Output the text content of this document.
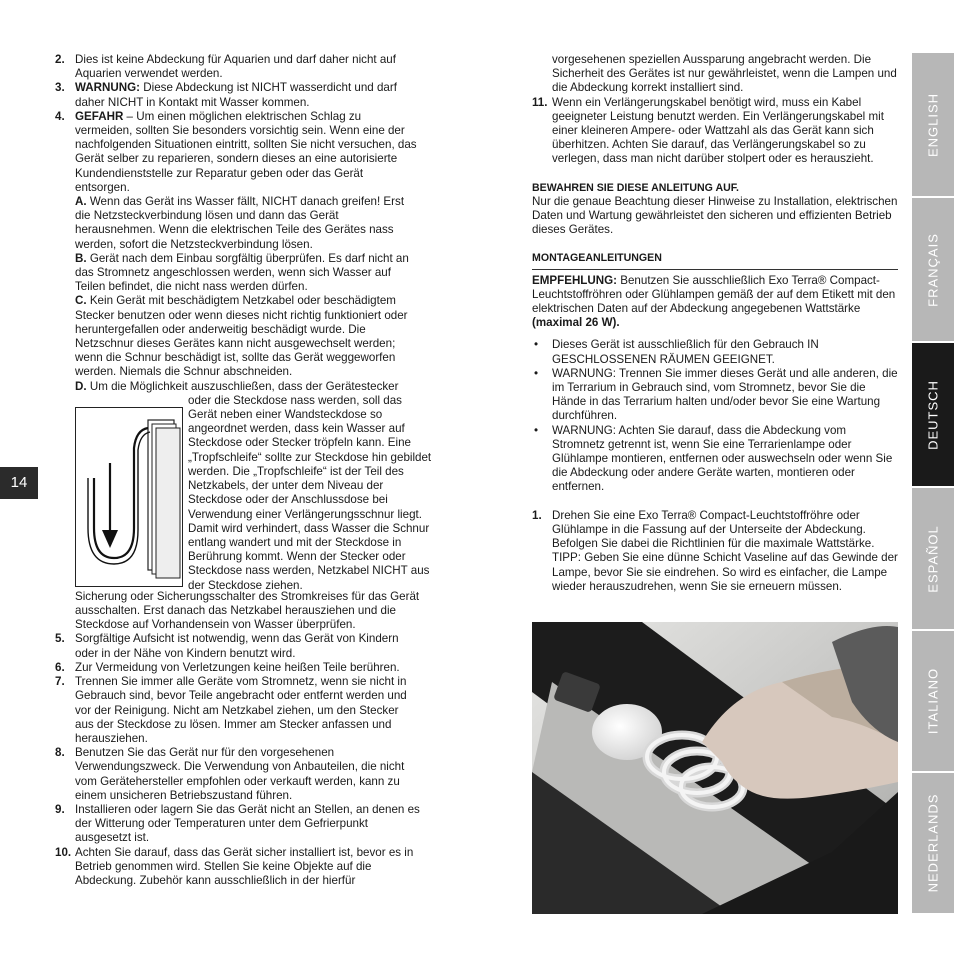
2. Dies ist keine Abdeckung für Aquarien und darf daher nicht auf Aquarien verwendet werden.
3. WARNUNG: Diese Abdeckung ist NICHT wasserdicht und darf daher NICHT in Kontakt mit Wasser kommen.
4. GEFAHR – Um einen möglichen elektrischen Schlag zu vermeiden, sollten Sie besonders vorsichtig sein. Wenn eine der nachfolgenden Situationen eintritt, sollten Sie nicht versuchen, das Gerät selber zu reparieren, sondern dieses an eine autorisierte Kundendienststelle zur Reparatur geben oder das Gerät entsorgen.
A. Wenn das Gerät ins Wasser fällt, NICHT danach greifen! Erst die Netzsteckverbindung lösen und dann das Gerät herausnehmen. Wenn die elektrischen Teile des Gerätes nass werden, sofort die Netzsteckverbindung lösen.
B. Gerät nach dem Einbau sorgfältig überprüfen. Es darf nicht an das Stromnetz angeschlossen werden, wenn sich Wasser auf Teilen befindet, die nicht nass werden dürfen.
C. Kein Gerät mit beschädigtem Netzkabel oder beschädigtem Stecker benutzen oder wenn dieses nicht richtig funktioniert oder heruntergefallen oder anderweitig beschädigt wurde. Die Netzschnur dieses Gerätes kann nicht ausgewechselt werden; wenn die Schnur beschädigt ist, sollte das Gerät weggeworfen werden. Niemals die Schnur abschneiden.
D. Um die Möglichkeit auszuschließen, dass der Gerätestecker
oder die Steckdose nass werden, soll das Gerät neben einer Wandsteckdose so angeordnet werden, dass kein Wasser auf Steckdose oder Stecker tröpfeln kann. Eine „Tropfschleife“ sollte zur Steckdose hin gebildet werden. Die „Tropfschleife“ ist der Teil des Netzkabels, der unter dem Niveau der Steckdose oder der Anschlussdose bei Verwendung einer Verlängerungsschnur liegt. Damit wird verhindert, dass Wasser die Schnur entlang wandert und mit der Steckdose in Berührung kommt. Wenn der Stecker oder Steckdose nass werden, Netzkabel NICHT aus der Steckdose ziehen.
Sicherung oder Sicherungsschalter des Stromkreises für das Gerät ausschalten. Erst danach das Netzkabel herausziehen und die Steckdose auf Vorhandensein von Wasser überprüfen.
5. Sorgfältige Aufsicht ist notwendig, wenn das Gerät von Kindern oder in der Nähe von Kindern benutzt wird.
6. Zur Vermeidung von Verletzungen keine heißen Teile berühren.
7. Trennen Sie immer alle Geräte vom Stromnetz, wenn sie nicht in Gebrauch sind, bevor Teile angebracht oder entfernt werden und vor der Reinigung. Nicht am Netzkabel ziehen, um den Stecker aus der Steckdose zu lösen. Immer am Stecker anfassen und herausziehen.
8. Benutzen Sie das Gerät nur für den vorgesehenen Verwendungszweck. Die Verwendung von Anbauteilen, die nicht vom Gerätehersteller empfohlen oder verkauft werden, kann zu einem unsicheren Betriebszustand führen.
9. Installieren oder lagern Sie das Gerät nicht an Stellen, an denen es der Witterung oder Temperaturen unter dem Gefrierpunkt ausgesetzt ist.
10. Achten Sie darauf, dass das Gerät sicher installiert ist, bevor es in Betrieb genommen wird. Stellen Sie keine Objekte auf die Abdeckung. Zubehör kann ausschließlich in der hierfür
vorgesehenen speziellen Aussparung angebracht werden. Die Sicherheit des Gerätes ist nur gewährleistet, wenn die Lampen und die Abdeckung korrekt installiert sind.
11. Wenn ein Verlängerungskabel benötigt wird, muss ein Kabel geeigneter Leistung benutzt werden. Ein Verlängerungskabel mit einer kleineren Ampere- oder Wattzahl als das Gerät kann sich überhitzen. Achten Sie darauf, das Verlängerungskabel so zu verlegen, dass man nicht darüber stolpert oder es herauszieht.
BEWAHREN SIE DIESE ANLEITUNG AUF.
Nur die genaue Beachtung dieser Hinweise zu Installation, elektrischen Daten und Wartung gewährleistet den sicheren und effizienten Betrieb dieses Gerätes.
MONTAGEANLEITUNGEN
EMPFEHLUNG: Benutzen Sie ausschließlich Exo Terra® Compact-Leuchtstoffröhren oder Glühlampen gemäß der auf dem Etikett mit den elektrischen Daten auf der Abdeckung angegebenen Wattstärke (maximal 26 W).
• Dieses Gerät ist ausschließlich für den Gebrauch IN GESCHLOSSENEN RÄUMEN GEEIGNET.
• WARNUNG: Trennen Sie immer dieses Gerät und alle anderen, die im Terrarium in Gebrauch sind, vom Stromnetz, bevor Sie die Hände in das Terrarium halten und/oder bevor Sie eine Wartung durchführen.
• WARNUNG: Achten Sie darauf, dass die Abdeckung vom Stromnetz getrennt ist, wenn Sie eine Terrarienlampe oder Glühlampe montieren, entfernen oder auswechseln oder wenn Sie die Abdeckung oder andere Geräte warten, montieren oder entfernen.
1. Drehen Sie eine Exo Terra® Compact-Leuchtstoffröhre oder Glühlampe in die Fassung auf der Unterseite der Abdeckung. Befolgen Sie dabei die Richtlinien für die maximale Wattstärke. TIPP: Geben Sie eine dünne Schicht Vaseline auf das Gewinde der Lampe, bevor Sie sie eindrehen. So wird es einfacher, die Lampe wieder herauszudrehen, wenn Sie sie erneuern müssen.
14
ENGLISH
FRANÇAIS
DEUTSCH
ESPAÑOL
ITALIANO
NEDERLANDS
